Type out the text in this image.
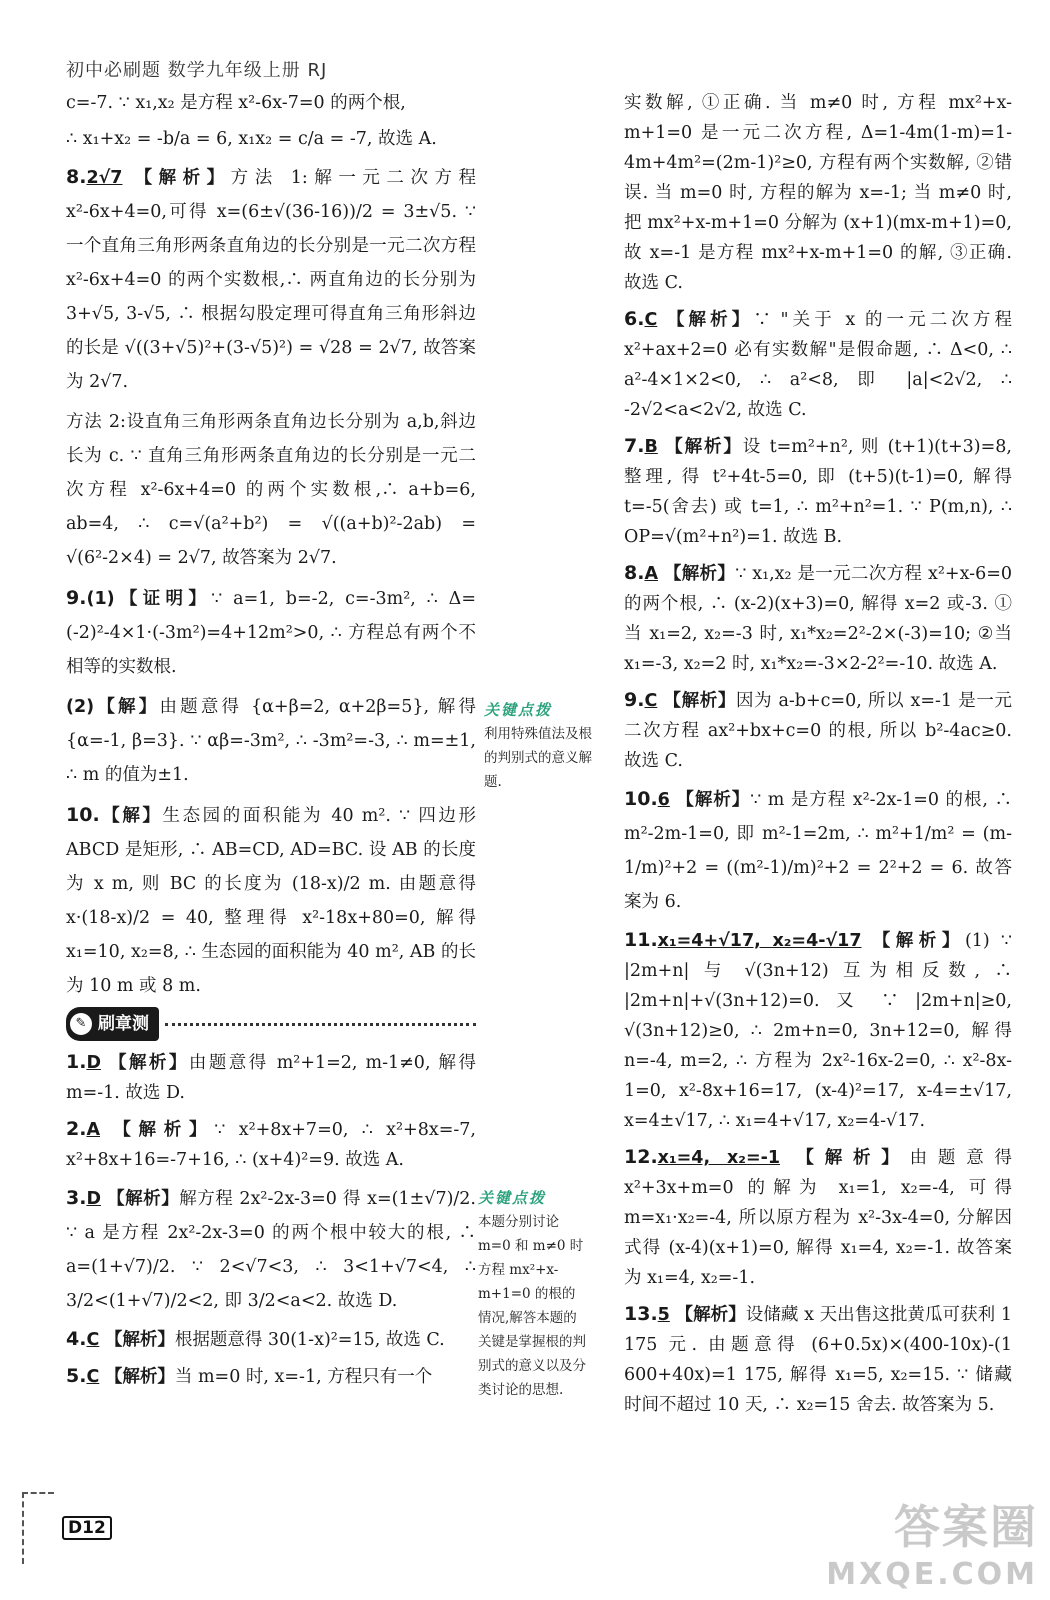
初中必刷题 数学九年级上册 RJ

c=-7. ∵ x₁,x₂ 是方程 x²-6x-7=0 的两个根,

∴ x₁+x₂ = -b/a = 6, x₁x₂ = c/a = -7, 故选 A.

8.2√7 【解析】方法 1:解一元二次方程 x²-6x+4=0,可得 x=(6±√(36-16))/2 = 3±√5. ∵ 一个直角三角形两条直角边的长分别是一元二次方程 x²-6x+4=0 的两个实数根,∴ 两直角边的长分别为 3+√5, 3-√5, ∴ 根据勾股定理可得直角三角形斜边的长是 √((3+√5)²+(3-√5)²) = √28 = 2√7, 故答案为 2√7.

方法 2:设直角三角形两条直角边长分别为 a,b,斜边长为 c. ∵ 直角三角形两条直角边的长分别是一元二次方程 x²-6x+4=0 的两个实数根,∴ a+b=6, ab=4, ∴ c=√(a²+b²) = √((a+b)²-2ab) = √(6²-2×4) = 2√7, 故答案为 2√7.

9.(1)【证明】∵ a=1, b=-2, c=-3m², ∴ Δ=(-2)²-4×1·(-3m²)=4+12m²>0, ∴ 方程总有两个不相等的实数根.

(2)【解】由题意得 {α+β=2, α+2β=5}, 解得 {α=-1, β=3}. ∵ αβ=-3m², ∴ -3m²=-3, ∴ m=±1, ∴ m 的值为±1.

10.【解】生态园的面积能为 40 m². ∵ 四边形 ABCD 是矩形, ∴ AB=CD, AD=BC. 设 AB 的长度为 x m, 则 BC 的长度为 (18-x)/2 m. 由题意得 x·(18-x)/2 = 40, 整理得 x²-18x+80=0, 解得 x₁=10, x₂=8, ∴ 生态园的面积能为 40 m², AB 的长为 10 m 或 8 m.

✎ 刷章测

1.D 【解析】由题意得 m²+1=2, m-1≠0, 解得 m=-1. 故选 D.

2.A 【解析】∵ x²+8x+7=0, ∴ x²+8x=-7, x²+8x+16=-7+16, ∴ (x+4)²=9. 故选 A.

3.D 【解析】解方程 2x²-2x-3=0 得 x=(1±√7)/2. ∵ a 是方程 2x²-2x-3=0 的两个根中较大的根, ∴ a=(1+√7)/2. ∵ 2<√7<3, ∴ 3<1+√7<4, ∴ 3/2<(1+√7)/2<2, 即 3/2<a<2. 故选 D.

4.C 【解析】根据题意得 30(1-x)²=15, 故选 C.

5.C 【解析】当 m=0 时, x=-1, 方程只有一个

关键点拨
利用特殊值法及根的判别式的意义解题.
关键点拨
本题分别讨论 m=0 和 m≠0 时方程 mx²+x-m+1=0 的根的情况,解答本题的关键是掌握根的判别式的意义以及分类讨论的思想.

实数解, ①正确. 当 m≠0 时, 方程 mx²+x-m+1=0 是一元二次方程, Δ=1-4m(1-m)=1-4m+4m²=(2m-1)²≥0, 方程有两个实数解, ②错误. 当 m=0 时, 方程的解为 x=-1; 当 m≠0 时, 把 mx²+x-m+1=0 分解为 (x+1)(mx-m+1)=0, 故 x=-1 是方程 mx²+x-m+1=0 的解, ③正确. 故选 C.

6.C 【解析】∵ "关于 x 的一元二次方程 x²+ax+2=0 必有实数解"是假命题, ∴ Δ<0, ∴ a²-4×1×2<0, ∴ a²<8, 即 |a|<2√2, ∴ -2√2<a<2√2, 故选 C.

7.B 【解析】设 t=m²+n², 则 (t+1)(t+3)=8, 整理, 得 t²+4t-5=0, 即 (t+5)(t-1)=0, 解得 t=-5(舍去) 或 t=1, ∴ m²+n²=1. ∵ P(m,n), ∴ OP=√(m²+n²)=1. 故选 B.

8.A 【解析】∵ x₁,x₂ 是一元二次方程 x²+x-6=0 的两个根, ∴ (x-2)(x+3)=0, 解得 x=2 或-3. ①当 x₁=2, x₂=-3 时, x₁*x₂=2²-2×(-3)=10; ②当 x₁=-3, x₂=2 时, x₁*x₂=-3×2-2²=-10. 故选 A.

9.C 【解析】因为 a-b+c=0, 所以 x=-1 是一元二次方程 ax²+bx+c=0 的根, 所以 b²-4ac≥0. 故选 C.

10.6 【解析】∵ m 是方程 x²-2x-1=0 的根, ∴ m²-2m-1=0, 即 m²-1=2m, ∴ m²+1/m² = (m-1/m)²+2 = ((m²-1)/m)²+2 = 2²+2 = 6. 故答案为 6.

11.x₁=4+√17, x₂=4-√17 【解析】(1) ∵ |2m+n| 与 √(3n+12) 互为相反数, ∴ |2m+n|+√(3n+12)=0. 又 ∵ |2m+n|≥0, √(3n+12)≥0, ∴ 2m+n=0, 3n+12=0, 解得 n=-4, m=2, ∴ 方程为 2x²-16x-2=0, ∴ x²-8x-1=0, x²-8x+16=17, (x-4)²=17, x-4=±√17, x=4±√17, ∴ x₁=4+√17, x₂=4-√17.

12.x₁=4, x₂=-1 【解析】由题意得 x²+3x+m=0 的解为 x₁=1, x₂=-4, 可得 m=x₁·x₂=-4, 所以原方程为 x²-3x-4=0, 分解因式得 (x-4)(x+1)=0, 解得 x₁=4, x₂=-1. 故答案为 x₁=4, x₂=-1.

13.5 【解析】设储藏 x 天出售这批黄瓜可获利 1 175 元. 由题意得 (6+0.5x)×(400-10x)-(1 600+40x)=1 175, 解得 x₁=5, x₂=15. ∵ 储藏时间不超过 10 天, ∴ x₂=15 舍去. 故答案为 5.

D12	答案圈
MXQE.COM
